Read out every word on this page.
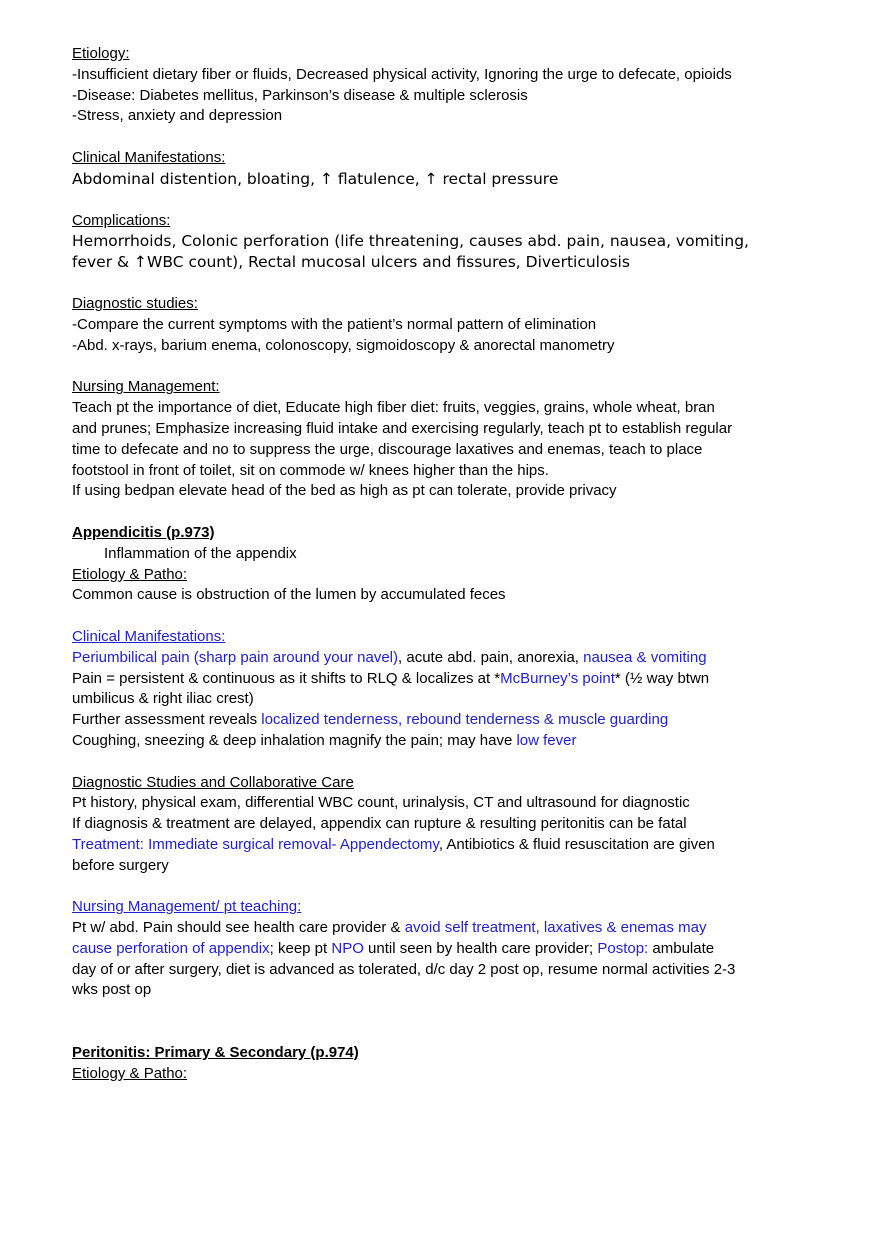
Etiology:

-Insufficient dietary fiber or fluids, Decreased physical activity, Ignoring the urge to defecate, opioids

-Disease: Diabetes mellitus, Parkinson’s disease & multiple sclerosis

-Stress, anxiety and depression

Clinical Manifestations:

Abdominal distention, bloating, ↑ flatulence, ↑ rectal pressure

Complications:

Hemorrhoids, Colonic perforation (life threatening, causes abd. pain, nausea, vomiting,

fever & ↑WBC count), Rectal mucosal ulcers and fissures, Diverticulosis

Diagnostic studies:

-Compare the current symptoms with the patient’s normal pattern of elimination

-Abd. x-rays, barium enema, colonoscopy, sigmoidoscopy & anorectal manometry

Nursing Management:

Teach pt the importance of diet, Educate high fiber diet: fruits, veggies, grains, whole wheat, bran

and prunes; Emphasize increasing fluid intake and exercising regularly, teach pt to establish regular

time to defecate and no to suppress the urge, discourage laxatives and enemas, teach to place

footstool in front of toilet, sit on commode w/ knees higher than the hips.

If using bedpan elevate head of the bed as high as pt can tolerate, provide privacy

Appendicitis (p.973)

Inflammation of the appendix

Etiology & Patho:

Common cause is obstruction of the lumen by accumulated feces

Clinical Manifestations:

Periumbilical pain (sharp pain around your navel), acute abd. pain, anorexia, nausea & vomiting

Pain = persistent & continuous as it shifts to RLQ & localizes at *McBurney’s point* (½ way btwn

umbilicus & right iliac crest)

Further assessment reveals localized tenderness, rebound tenderness & muscle guarding

Coughing, sneezing & deep inhalation magnify the pain; may have low fever

Diagnostic Studies and Collaborative Care

Pt history, physical exam, differential WBC count, urinalysis, CT and ultrasound for diagnostic

If diagnosis & treatment are delayed, appendix can rupture & resulting peritonitis can be fatal

Treatment: Immediate surgical removal- Appendectomy, Antibiotics & fluid resuscitation are given

before surgery

Nursing Management/ pt teaching:

Pt w/ abd. Pain should see health care provider & avoid self treatment, laxatives & enemas may

cause perforation of appendix; keep pt NPO until seen by health care provider; Postop: ambulate

day of or after surgery, diet is advanced as tolerated, d/c day 2 post op, resume normal activities 2-3

wks post op

Peritonitis: Primary & Secondary (p.974)

Etiology & Patho:
